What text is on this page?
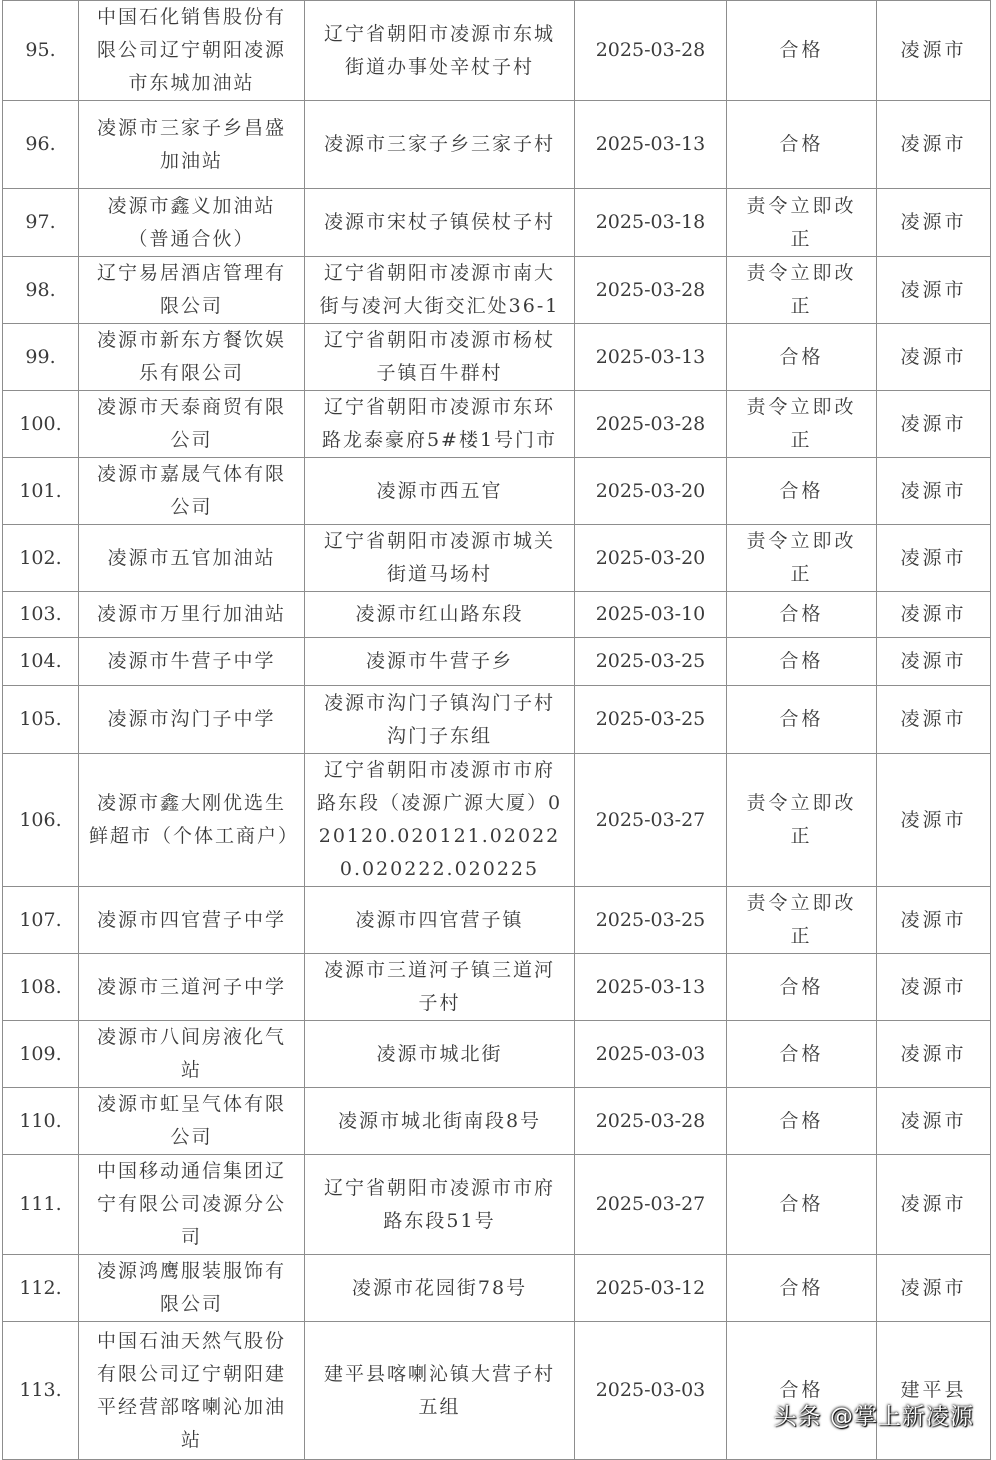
95.	中国石化销售股份有限公司辽宁朝阳凌源市东城加油站	辽宁省朝阳市凌源市东城街道办事处辛杖子村	2025-03-28	合格	凌源市
96.	凌源市三家子乡昌盛加油站	凌源市三家子乡三家子村	2025-03-13	合格	凌源市
97.	凌源市鑫义加油站（普通合伙）	凌源市宋杖子镇侯杖子村	2025-03-18	责令立即改正	凌源市
98.	辽宁易居酒店管理有限公司	辽宁省朝阳市凌源市南大街与凌河大街交汇处36-1	2025-03-28	责令立即改正	凌源市
99.	凌源市新东方餐饮娱乐有限公司	辽宁省朝阳市凌源市杨杖子镇百牛群村	2025-03-13	合格	凌源市
100.	凌源市天泰商贸有限公司	辽宁省朝阳市凌源市东环路龙泰豪府5#楼1号门市	2025-03-28	责令立即改正	凌源市
101.	凌源市嘉晟气体有限公司	凌源市西五官	2025-03-20	合格	凌源市
102.	凌源市五官加油站	辽宁省朝阳市凌源市城关街道马场村	2025-03-20	责令立即改正	凌源市
103.	凌源市万里行加油站	凌源市红山路东段	2025-03-10	合格	凌源市
104.	凌源市牛营子中学	凌源市牛营子乡	2025-03-25	合格	凌源市
105.	凌源市沟门子中学	凌源市沟门子镇沟门子村沟门子东组	2025-03-25	合格	凌源市
106.	凌源市鑫大刚优选生鲜超市（个体工商户）	辽宁省朝阳市凌源市市府路东段（凌源广源大厦）020120.020121.020220.020222.020225	2025-03-27	责令立即改正	凌源市
107.	凌源市四官营子中学	凌源市四官营子镇	2025-03-25	责令立即改正	凌源市
108.	凌源市三道河子中学	凌源市三道河子镇三道河子村	2025-03-13	合格	凌源市
109.	凌源市八间房液化气站	凌源市城北街	2025-03-03	合格	凌源市
110.	凌源市虹呈气体有限公司	凌源市城北街南段8号	2025-03-28	合格	凌源市
111.	中国移动通信集团辽宁有限公司凌源分公司	辽宁省朝阳市凌源市市府路东段51号	2025-03-27	合格	凌源市
112.	凌源鸿鹰服装服饰有限公司	凌源市花园街78号	2025-03-12	合格	凌源市
113.	中国石油天然气股份有限公司辽宁朝阳建平经营部喀喇沁加油站	建平县喀喇沁镇大营子村五组	2025-03-03	合格	建平县
头条 @掌上新凌源
